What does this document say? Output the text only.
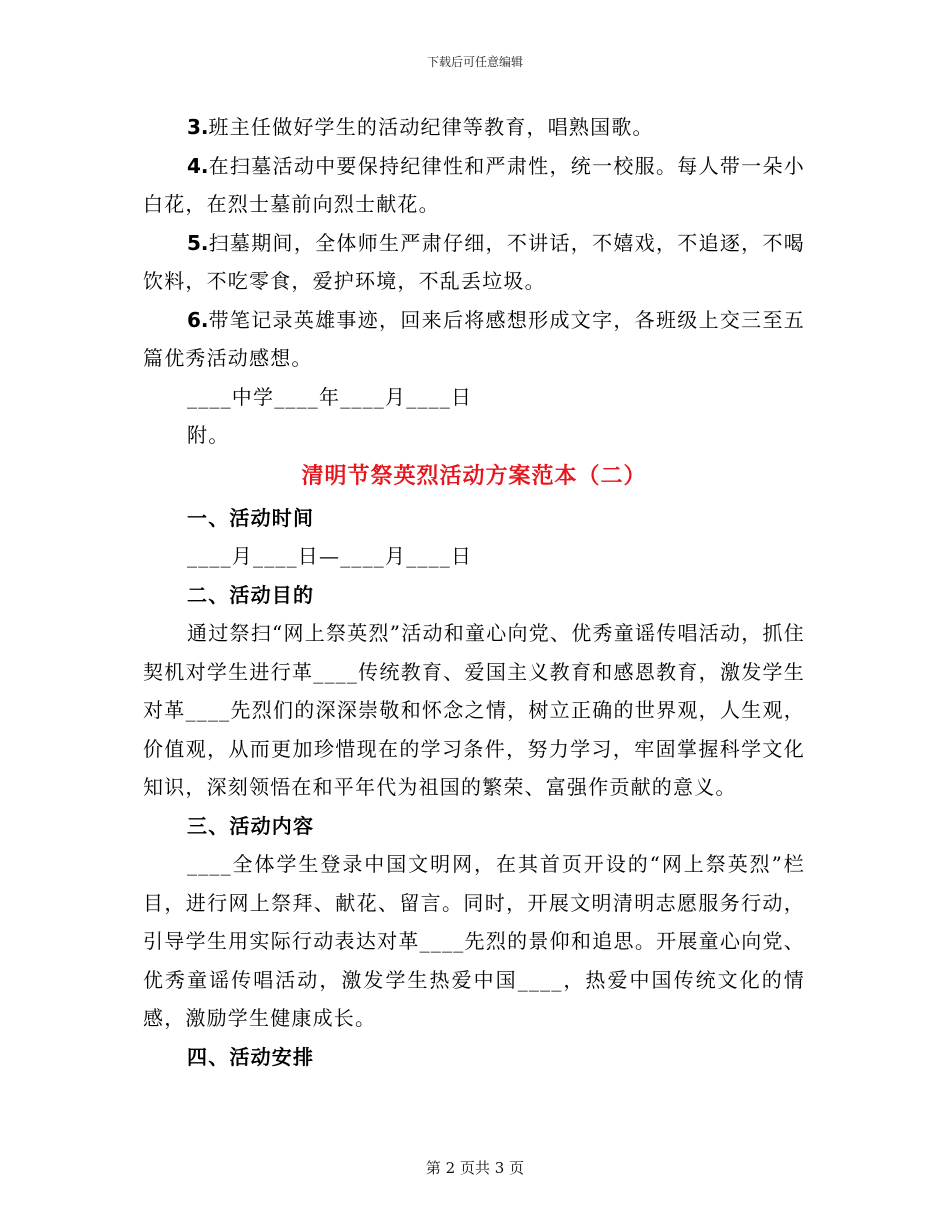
下载后可任意编辑

3.班主任做好学生的活动纪律等教育，唱熟国歌。

4.在扫墓活动中要保持纪律性和严肃性，统一校服。每人带一朵小白花，在烈士墓前向烈士献花。

5.扫墓期间，全体师生严肃仔细，不讲话，不嬉戏，不追逐，不喝饮料，不吃零食，爱护环境，不乱丢垃圾。

6.带笔记录英雄事迹，回来后将感想形成文字，各班级上交三至五篇优秀活动感想。

____中学____年____月____日

附。

清明节祭英烈活动方案范本（二）

一、活动时间

____月____日—____月____日

二、活动目的

通过祭扫“网上祭英烈”活动和童心向党、优秀童谣传唱活动，抓住契机对学生进行革____传统教育、爱国主义教育和感恩教育，激发学生对革____先烈们的深深崇敬和怀念之情，树立正确的世界观，人生观，价值观，从而更加珍惜现在的学习条件，努力学习，牢固掌握科学文化知识，深刻领悟在和平年代为祖国的繁荣、富强作贡献的意义。

三、活动内容

____全体学生登录中国文明网，在其首页开设的“网上祭英烈”栏目，进行网上祭拜、献花、留言。同时，开展文明清明志愿服务行动，引导学生用实际行动表达对革____先烈的景仰和追思。开展童心向党、优秀童谣传唱活动，激发学生热爱中国____，热爱中国传统文化的情感，激励学生健康成长。

四、活动安排

第 2 页共 3 页
